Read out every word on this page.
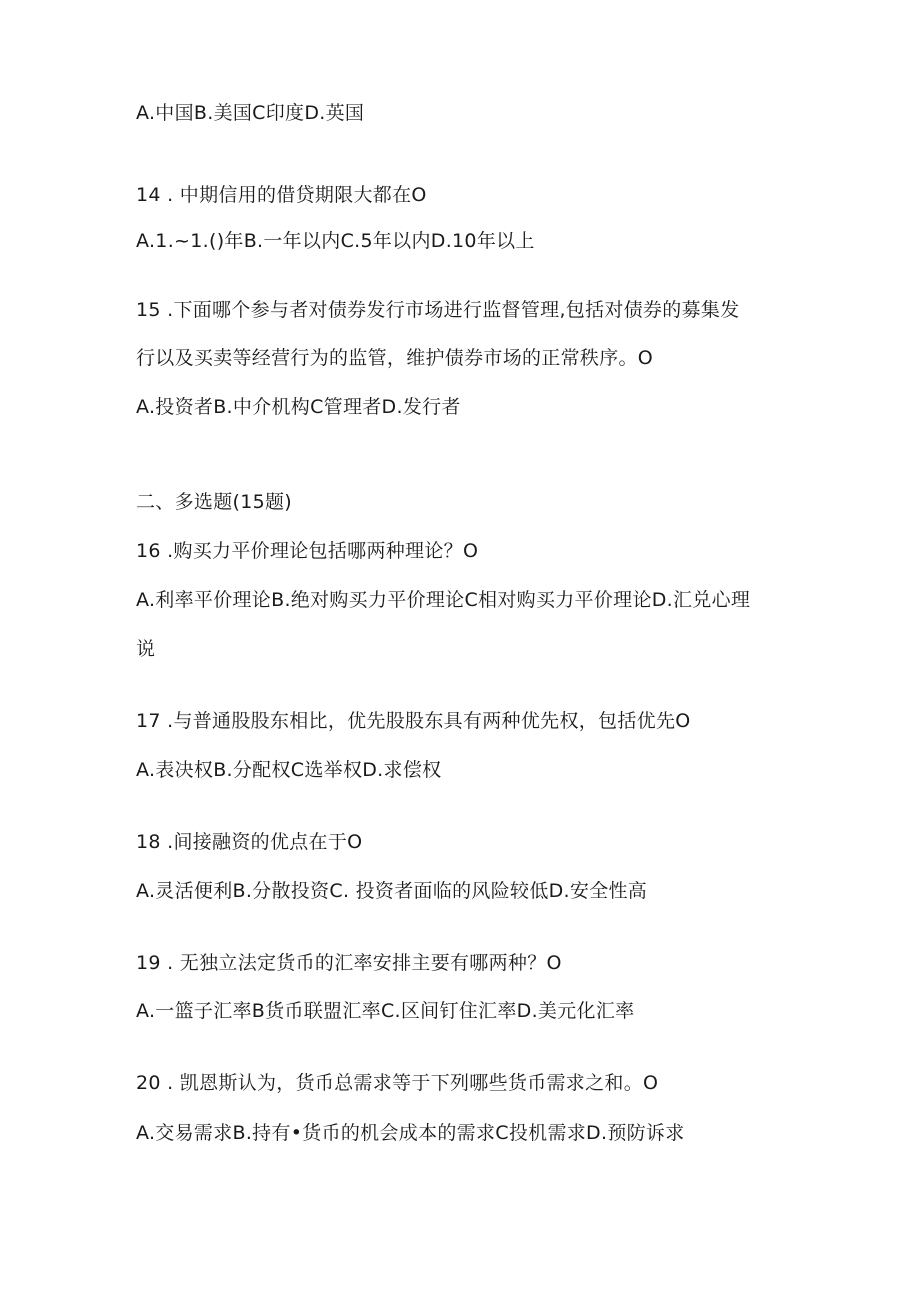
A.中国B.美国C印度D.英国
14 . 中期信用的借贷期限大都在O
A.1.~1.()年B.一年以内C.5年以内D.10年以上
15 .下面哪个参与者对债券发行市场进行监督管理,包括对债券的募集发
行以及买卖等经营行为的监管，维护债券市场的正常秩序。O
A.投资者B.中介机构C管理者D.发行者
二、多选题(15题)
16 .购买力平价理论包括哪两种理论？O
A.利率平价理论B.绝对购买力平价理论C相对购买力平价理论D.汇兑心理
说
17 .与普通股股东相比，优先股股东具有两种优先权，包括优先O
A.表决权B.分配权C选举权D.求偿权
18 .间接融资的优点在于O
A.灵活便利B.分散投资C. 投资者面临的风险较低D.安全性高
19 . 无独立法定货币的汇率安排主要有哪两种？O
A.一篮子汇率B货币联盟汇率C.区间钉住汇率D.美元化汇率
20 . 凯恩斯认为，货币总需求等于下列哪些货币需求之和。O
A.交易需求B.持有•货币的机会成本的需求C投机需求D.预防诉求
